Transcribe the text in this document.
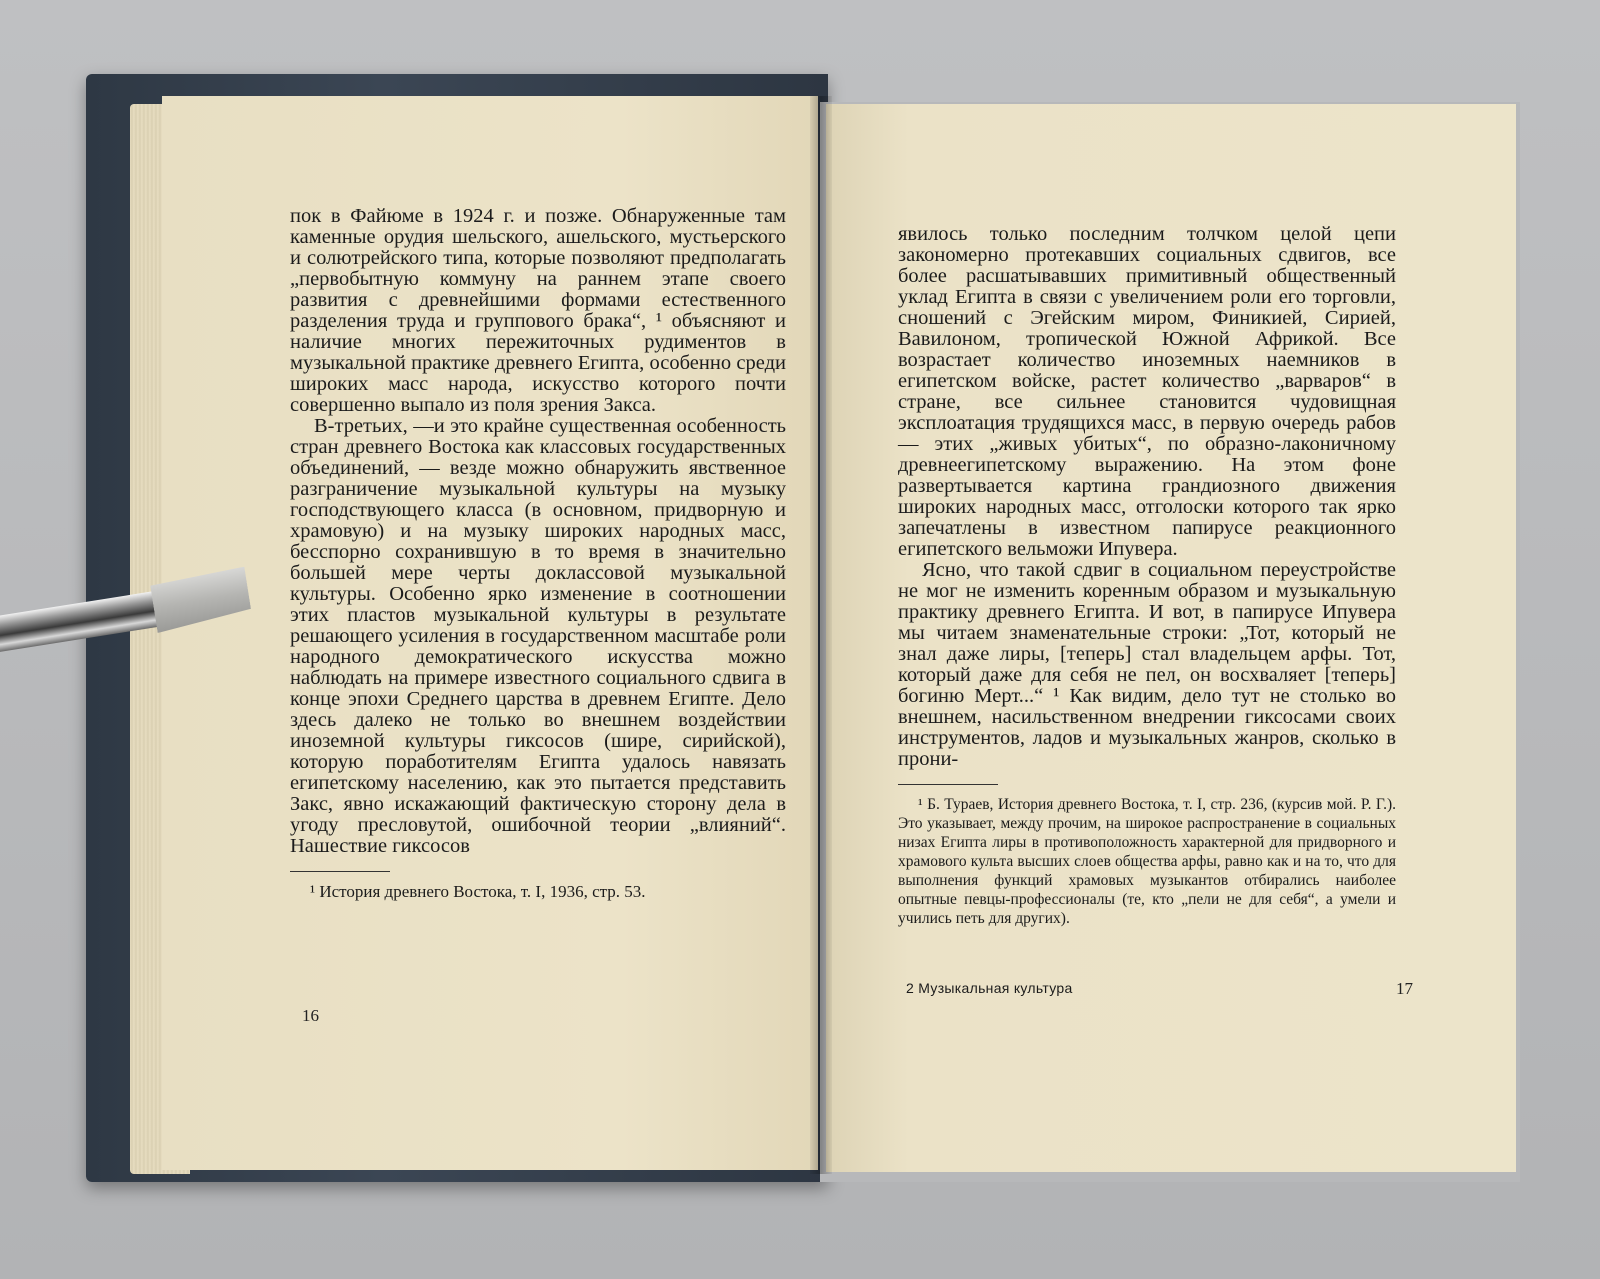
пок в Файюме в 1924 г. и позже. Обнаруженные там каменные орудия шельского, ашельского, мустьерского и солютрейского типа, которые позволяют предполагать „первобытную коммуну на раннем этапе своего развития с древнейшими формами естественного разделения труда и группового брака“, ¹ объясняют и наличие многих пережиточных рудиментов в музыкальной практике древнего Египта, особенно среди широких масс народа, искусство которого почти совершенно выпало из поля зрения Закса.

В-третьих, —и это крайне существенная особенность стран древнего Востока как классовых государственных объединений, — везде можно обнаружить явственное разграничение музыкальной культуры на музыку господствующего класса (в основном, придворную и храмовую) и на музыку широких народных масс, бесспорно сохранившую в то время в значительно большей мере черты доклассовой музыкальной культуры. Особенно ярко изменение в соотношении этих пластов музыкальной культуры в результате решающего усиления в государственном масштабе роли народного демократического искусства можно наблюдать на примере известного социального сдвига в конце эпохи Среднего царства в древнем Египте. Дело здесь далеко не только во внешнем воздействии иноземной культуры гиксосов (шире, сирийской), которую поработителям Египта удалось навязать египетскому населению, как это пытается представить Закс, явно искажающий фактическую сторону дела в угоду пресловутой, ошибочной теории „влияний“. Нашествие гиксосов

¹ История древнего Востока, т. I, 1936, стр. 53.

16

явилось только последним толчком целой цепи закономерно протекавших социальных сдвигов, все более расшатывавших примитивный общественный уклад Египта в связи с увеличением роли его торговли, сношений с Эгейским миром, Финикией, Сирией, Вавилоном, тропической Южной Африкой. Все возрастает количество иноземных наемников в египетском войске, растет количество „варваров“ в стране, все сильнее становится чудовищная эксплоатация трудящихся масс, в первую очередь рабов — этих „живых убитых“, по образно-лаконичному древнеегипетскому выражению. На этом фоне развертывается картина грандиозного движения широких народных масс, отголоски которого так ярко запечатлены в известном папирусе реакционного египетского вельможи Ипувера.

Ясно, что такой сдвиг в социальном переустройстве не мог не изменить коренным образом и музыкальную практику древнего Египта. И вот, в папирусе Ипувера мы читаем знаменательные строки: „Тот, который не знал даже лиры, [теперь] стал владельцем арфы. Тот, который даже для себя не пел, он восхваляет [теперь] богиню Мерт...“ ¹ Как видим, дело тут не столько во внешнем, насильственном внедрении гиксосами своих инструментов, ладов и музыкальных жанров, сколько в прони-

¹ Б. Тураев, История древнего Востока, т. I, стр. 236, (курсив мой. Р. Г.). Это указывает, между прочим, на широкое распространение в социальных низах Египта лиры в противоположность характерной для придворного и храмового культа высших слоев общества арфы, равно как и на то, что для выполнения функций храмовых музыкантов отбирались наиболее опытные певцы-профессионалы (те, кто „пели не для себя“, а умели и учились петь для других).

2 Музыкальная культура	17
